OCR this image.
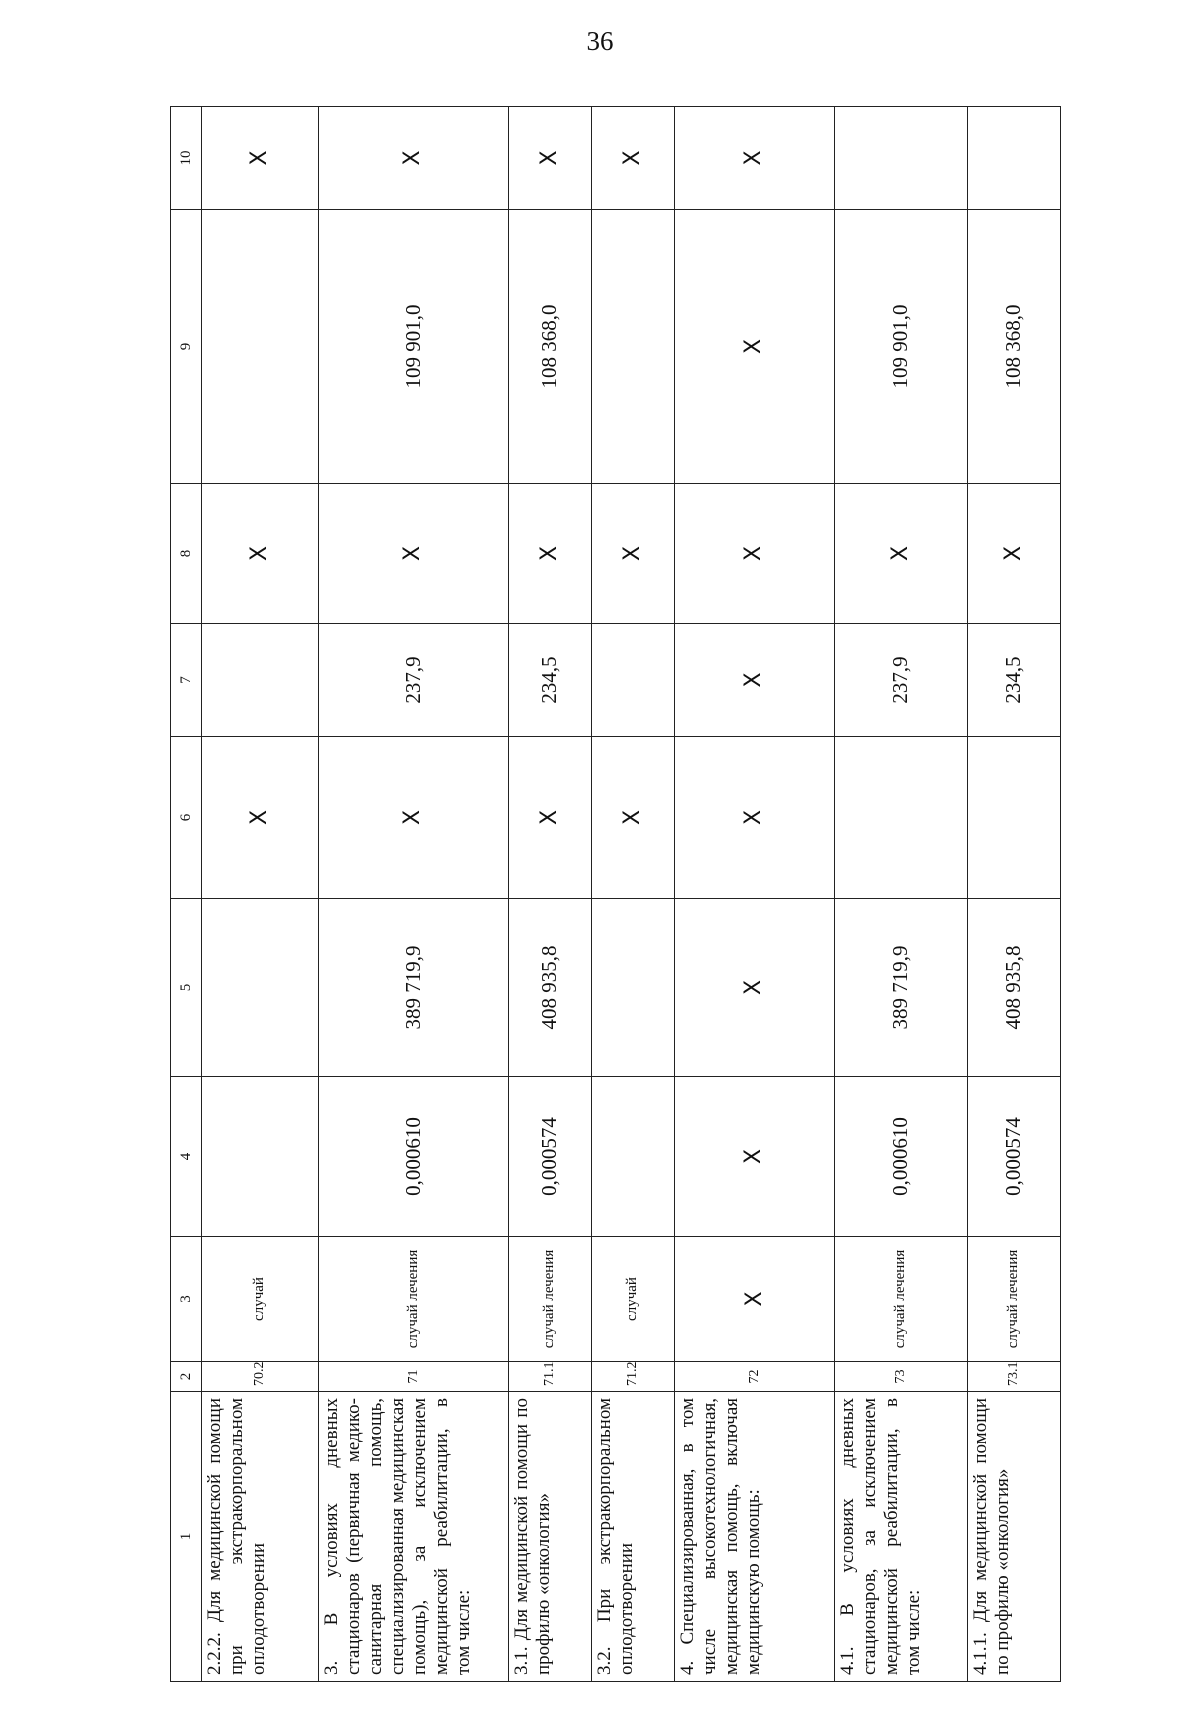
36
1	2	3	4	5	6	7	8	9	10
2.2.2. Для медицинской помощи при экстракорпоральном оплодотворении	70.2	случай			X		X		X
3. В условиях дневных стационаров (первичная медико-санитарная помощь, специализированная медицинская помощь), за исключением медицинской реабилитации, в том числе:	71	случай лечения	0,000610	389 719,9	X	237,9	X	109 901,0	X
3.1. Для медицинской помощи по профилю «онкология»	71.1	случай лечения	0,000574	408 935,8	X	234,5	X	108 368,0	X
3.2. При экстракорпоральном оплодотворении	71.2	случай			X		X		X
4. Специализированная, в том числе высокотехнологичная, медицинская помощь, включая медицинскую помощь:	72	X	X	X	X	X	X	X	X
4.1. В условиях дневных стационаров, за исключением медицинской реабилитации, в том числе:	73	случай лечения	0,000610	389 719,9		237,9	X	109 901,0	
4.1.1. Для медицинской помощи по профилю «онкология»	73.1	случай лечения	0,000574	408 935,8		234,5	X	108 368,0	
